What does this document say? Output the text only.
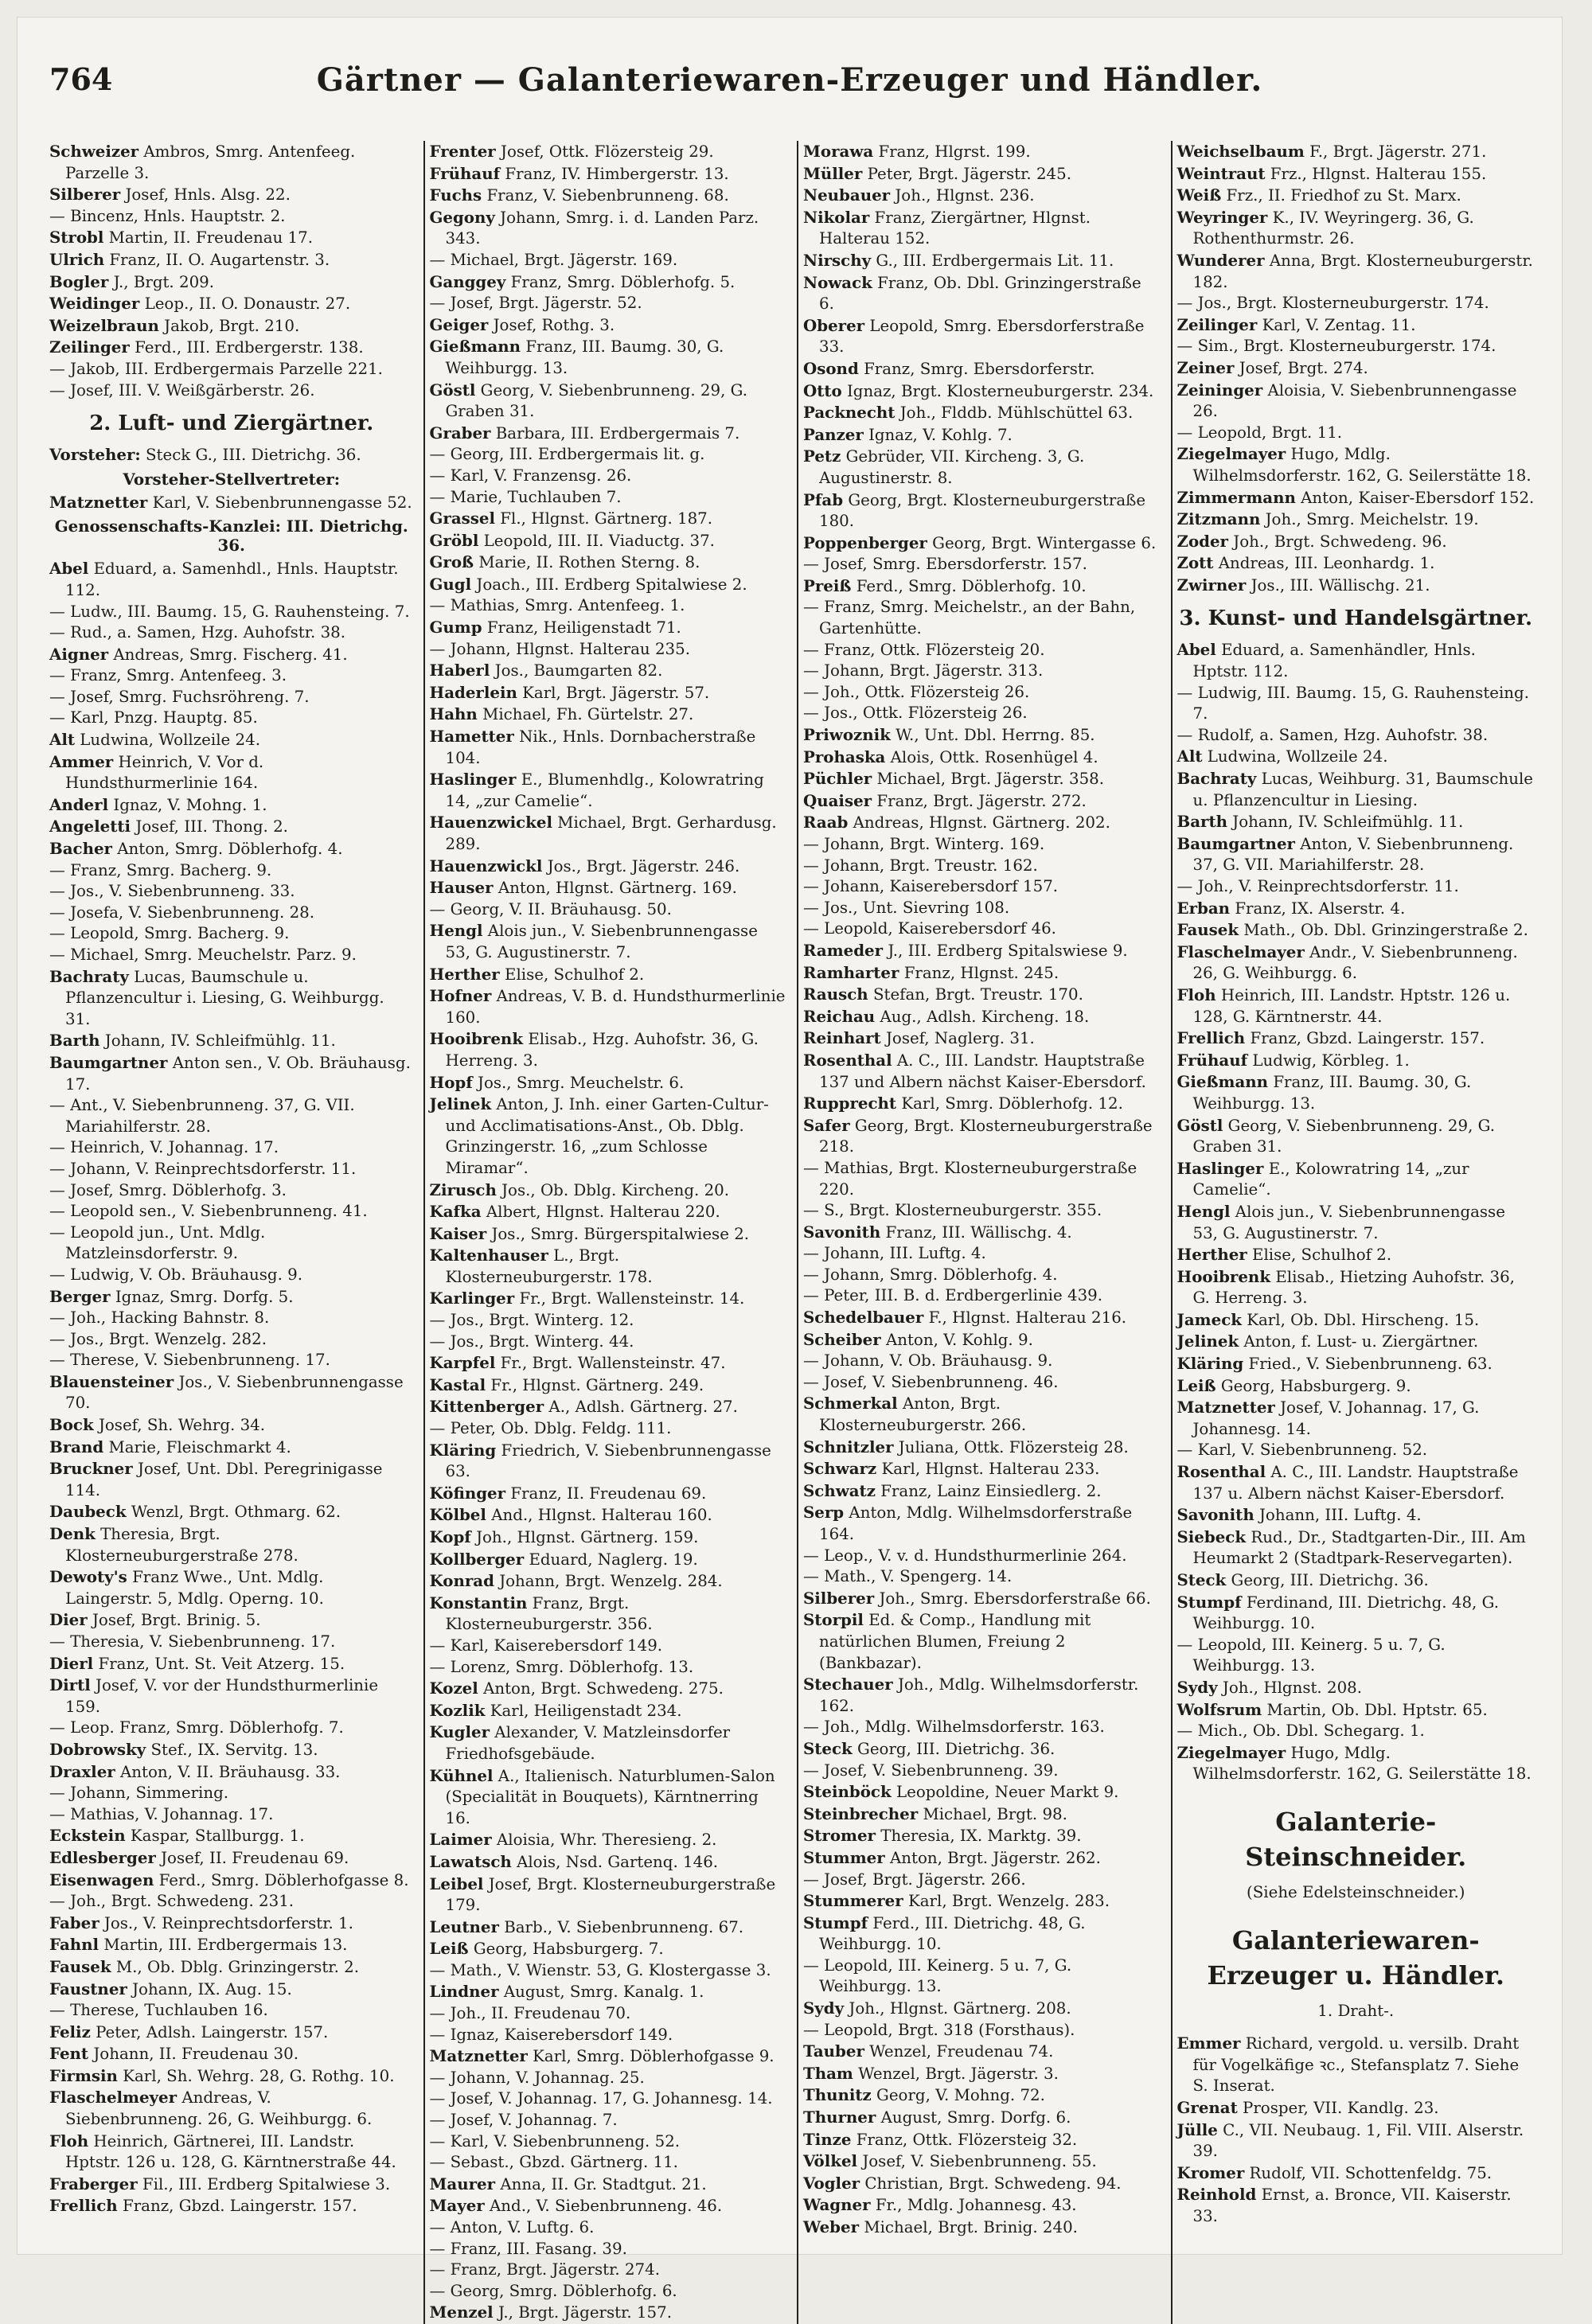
764	Gärtner — Galanteriewaren-Erzeuger und Händler.
Schweizer Ambros, Smrg. Antenfeeg. Parzelle 3.
Silberer Josef, Hnls. Alsg. 22.
— Bincenz, Hnls. Hauptstr. 2.
Strobl Martin, II. Freudenau 17.
Ulrich Franz, II. O. Augartenstr. 3.
Bogler J., Brgt. 209.
Weidinger Leop., II. O. Donaustr. 27.
Weizelbraun Jakob, Brgt. 210.
Zeilinger Ferd., III. Erdbergerstr. 138.
— Jakob, III. Erdbergermais Parzelle 221.
— Josef, III. V. Weißgärberstr. 26.
2. Luft- und Ziergärtner.
Vorsteher: Steck G., III. Dietrichg. 36.
Vorsteher-Stellvertreter:
Matznetter Karl, V. Siebenbrunnengasse 52.
Genossenschafts-Kanzlei: III. Dietrichg. 36.
Abel Eduard, a. Samenhdl., Hnls. Hauptstr. 112.
— Ludw., III. Baumg. 15, G. Rauhensteing. 7.
— Rud., a. Samen, Hzg. Auhofstr. 38.
Aigner Andreas, Smrg. Fischerg. 41.
— Franz, Smrg. Antenfeeg. 3.
— Josef, Smrg. Fuchsröhreng. 7.
— Karl, Pnzg. Hauptg. 85.
Alt Ludwina, Wollzeile 24.
Ammer Heinrich, V. Vor d. Hundsthurmerlinie 164.
Anderl Ignaz, V. Mohng. 1.
Angeletti Josef, III. Thong. 2.
Bacher Anton, Smrg. Döblerhofg. 4.
— Franz, Smrg. Bacherg. 9.
— Jos., V. Siebenbrunneng. 33.
— Josefa, V. Siebenbrunneng. 28.
— Leopold, Smrg. Bacherg. 9.
— Michael, Smrg. Meuchelstr. Parz. 9.
Bachraty Lucas, Baumschule u. Pflanzencultur i. Liesing, G. Weihburgg. 31.
Barth Johann, IV. Schleifmühlg. 11.
Baumgartner Anton sen., V. Ob. Bräuhausg. 17.
— Ant., V. Siebenbrunneng. 37, G. VII. Mariahilferstr. 28.
— Heinrich, V. Johannag. 17.
— Johann, V. Reinprechtsdorferstr. 11.
— Josef, Smrg. Döblerhofg. 3.
— Leopold sen., V. Siebenbrunneng. 41.
— Leopold jun., Unt. Mdlg. Matzleinsdorferstr. 9.
— Ludwig, V. Ob. Bräuhausg. 9.
Berger Ignaz, Smrg. Dorfg. 5.
— Joh., Hacking Bahnstr. 8.
— Jos., Brgt. Wenzelg. 282.
— Therese, V. Siebenbrunneng. 17.
Blauensteiner Jos., V. Siebenbrunnengasse 70.
Bock Josef, Sh. Wehrg. 34.
Brand Marie, Fleischmarkt 4.
Bruckner Josef, Unt. Dbl. Peregrinigasse 114.
Daubeck Wenzl, Brgt. Othmarg. 62.
Denk Theresia, Brgt. Klosterneuburgerstraße 278.
Dewoty's Franz Wwe., Unt. Mdlg. Laingerstr. 5, Mdlg. Operng. 10.
Dier Josef, Brgt. Brinig. 5.
— Theresia, V. Siebenbrunneng. 17.
Dierl Franz, Unt. St. Veit Atzerg. 15.
Dirtl Josef, V. vor der Hundsthurmerlinie 159.
— Leop. Franz, Smrg. Döblerhofg. 7.
Dobrowsky Stef., IX. Servitg. 13.
Draxler Anton, V. II. Bräuhausg. 33.
— Johann, Simmering.
— Mathias, V. Johannag. 17.
Eckstein Kaspar, Stallburgg. 1.
Edlesberger Josef, II. Freudenau 69.
Eisenwagen Ferd., Smrg. Döblerhofgasse 8.
— Joh., Brgt. Schwedeng. 231.
Faber Jos., V. Reinprechtsdorferstr. 1.
Fahnl Martin, III. Erdbergermais 13.
Fausek M., Ob. Dblg. Grinzingerstr. 2.
Faustner Johann, IX. Aug. 15.
— Therese, Tuchlauben 16.
Feliz Peter, Adlsh. Laingerstr. 157.
Fent Johann, II. Freudenau 30.
Firmsin Karl, Sh. Wehrg. 28, G. Rothg. 10.
Flaschelmeyer Andreas, V. Siebenbrunneng. 26, G. Weihburgg. 6.
Floh Heinrich, Gärtnerei, III. Landstr. Hptstr. 126 u. 128, G. Kärntnerstraße 44.
Fraberger Fil., III. Erdberg Spitalwiese 3.
Frellich Franz, Gbzd. Laingerstr. 157.
Frenter Josef, Ottk. Flözersteig 29.
Frühauf Franz, IV. Himbergerstr. 13.
Fuchs Franz, V. Siebenbrunneng. 68.
Gegony Johann, Smrg. i. d. Landen Parz. 343.
— Michael, Brgt. Jägerstr. 169.
Ganggey Franz, Smrg. Döblerhofg. 5.
— Josef, Brgt. Jägerstr. 52.
Geiger Josef, Rothg. 3.
Gießmann Franz, III. Baumg. 30, G. Weihburgg. 13.
Göstl Georg, V. Siebenbrunneng. 29, G. Graben 31.
Graber Barbara, III. Erdbergermais 7.
— Georg, III. Erdbergermais lit. g.
— Karl, V. Franzensg. 26.
— Marie, Tuchlauben 7.
Grassel Fl., Hlgnst. Gärtnerg. 187.
Gröbl Leopold, III. II. Viaductg. 37.
Groß Marie, II. Rothen Sterng. 8.
Gugl Joach., III. Erdberg Spitalwiese 2.
— Mathias, Smrg. Antenfeeg. 1.
Gump Franz, Heiligenstadt 71.
— Johann, Hlgnst. Halterau 235.
Haberl Jos., Baumgarten 82.
Haderlein Karl, Brgt. Jägerstr. 57.
Hahn Michael, Fh. Gürtelstr. 27.
Hametter Nik., Hnls. Dornbacherstraße 104.
Haslinger E., Blumenhdlg., Kolowratring 14, „zur Camelie“.
Hauenzwickel Michael, Brgt. Gerhardusg. 289.
Hauenzwickl Jos., Brgt. Jägerstr. 246.
Hauser Anton, Hlgnst. Gärtnerg. 169.
— Georg, V. II. Bräuhausg. 50.
Hengl Alois jun., V. Siebenbrunnengasse 53, G. Augustinerstr. 7.
Herther Elise, Schulhof 2.
Hofner Andreas, V. B. d. Hundsthurmerlinie 160.
Hooibrenk Elisab., Hzg. Auhofstr. 36, G. Herreng. 3.
Hopf Jos., Smrg. Meuchelstr. 6.
Jelinek Anton, J. Inh. einer Garten-Cultur- und Acclimatisations-Anst., Ob. Dblg. Grinzingerstr. 16, „zum Schlosse Miramar“.
Zirusch Jos., Ob. Dblg. Kircheng. 20.
Kafka Albert, Hlgnst. Halterau 220.
Kaiser Jos., Smrg. Bürgerspitalwiese 2.
Kaltenhauser L., Brgt. Klosterneuburgerstr. 178.
Karlinger Fr., Brgt. Wallensteinstr. 14.
— Jos., Brgt. Winterg. 12.
— Jos., Brgt. Winterg. 44.
Karpfel Fr., Brgt. Wallensteinstr. 47.
Kastal Fr., Hlgnst. Gärtnerg. 249.
Kittenberger A., Adlsh. Gärtnerg. 27.
— Peter, Ob. Dblg. Feldg. 111.
Kläring Friedrich, V. Siebenbrunnengasse 63.
Köfinger Franz, II. Freudenau 69.
Kölbel And., Hlgnst. Halterau 160.
Kopf Joh., Hlgnst. Gärtnerg. 159.
Kollberger Eduard, Naglerg. 19.
Konrad Johann, Brgt. Wenzelg. 284.
Konstantin Franz, Brgt. Klosterneuburgerstr. 356.
— Karl, Kaiserebersdorf 149.
— Lorenz, Smrg. Döblerhofg. 13.
Kozel Anton, Brgt. Schwedeng. 275.
Kozlik Karl, Heiligenstadt 234.
Kugler Alexander, V. Matzleinsdorfer Friedhofsgebäude.
Kühnel A., Italienisch. Naturblumen-Salon (Specialität in Bouquets), Kärntnerring 16.
Laimer Aloisia, Whr. Theresieng. 2.
Lawatsch Alois, Nsd. Gartenq. 146.
Leibel Josef, Brgt. Klosterneuburgerstraße 179.
Leutner Barb., V. Siebenbrunneng. 67.
Leiß Georg, Habsburgerg. 7.
— Math., V. Wienstr. 53, G. Klostergasse 3.
Lindner August, Smrg. Kanalg. 1.
— Joh., II. Freudenau 70.
— Ignaz, Kaiserebersdorf 149.
Matznetter Karl, Smrg. Döblerhofgasse 9.
— Johann, V. Johannag. 25.
— Josef, V. Johannag. 17, G. Johannesg. 14.
— Josef, V. Johannag. 7.
— Karl, V. Siebenbrunneng. 52.
— Sebast., Gbzd. Gärtnerg. 11.
Maurer Anna, II. Gr. Stadtgut. 21.
Mayer And., V. Siebenbrunneng. 46.
— Anton, V. Luftg. 6.
— Franz, III. Fasang. 39.
— Franz, Brgt. Jägerstr. 274.
— Georg, Smrg. Döblerhofg. 6.
Menzel J., Brgt. Jägerstr. 157.
Morawa Franz, Hlgrst. 199.
Müller Peter, Brgt. Jägerstr. 245.
Neubauer Joh., Hlgnst. 236.
Nikolar Franz, Ziergärtner, Hlgnst. Halterau 152.
Nirschy G., III. Erdbergermais Lit. 11.
Nowack Franz, Ob. Dbl. Grinzingerstraße 6.
Oberer Leopold, Smrg. Ebersdorferstraße 33.
Osond Franz, Smrg. Ebersdorferstr.
Otto Ignaz, Brgt. Klosterneuburgerstr. 234.
Packnecht Joh., Flddb. Mühlschüttel 63.
Panzer Ignaz, V. Kohlg. 7.
Petz Gebrüder, VII. Kircheng. 3, G. Augustinerstr. 8.
Pfab Georg, Brgt. Klosterneuburgerstraße 180.
Poppenberger Georg, Brgt. Wintergasse 6.
— Josef, Smrg. Ebersdorferstr. 157.
Preiß Ferd., Smrg. Döblerhofg. 10.
— Franz, Smrg. Meichelstr., an der Bahn, Gartenhütte.
— Franz, Ottk. Flözersteig 20.
— Johann, Brgt. Jägerstr. 313.
— Joh., Ottk. Flözersteig 26.
— Jos., Ottk. Flözersteig 26.
Priwoznik W., Unt. Dbl. Herrng. 85.
Prohaska Alois, Ottk. Rosenhügel 4.
Püchler Michael, Brgt. Jägerstr. 358.
Quaiser Franz, Brgt. Jägerstr. 272.
Raab Andreas, Hlgnst. Gärtnerg. 202.
— Johann, Brgt. Winterg. 169.
— Johann, Brgt. Treustr. 162.
— Johann, Kaiserebersdorf 157.
— Jos., Unt. Sievring 108.
— Leopold, Kaiserebersdorf 46.
Rameder J., III. Erdberg Spitalswiese 9.
Ramharter Franz, Hlgnst. 245.
Rausch Stefan, Brgt. Treustr. 170.
Reichau Aug., Adlsh. Kircheng. 18.
Reinhart Josef, Naglerg. 31.
Rosenthal A. C., III. Landstr. Hauptstraße 137 und Albern nächst Kaiser-Ebersdorf.
Rupprecht Karl, Smrg. Döblerhofg. 12.
Safer Georg, Brgt. Klosterneuburgerstraße 218.
— Mathias, Brgt. Klosterneuburgerstraße 220.
— S., Brgt. Klosterneuburgerstr. 355.
Savonith Franz, III. Wällischg. 4.
— Johann, III. Luftg. 4.
— Johann, Smrg. Döblerhofg. 4.
— Peter, III. B. d. Erdbergerlinie 439.
Schedelbauer F., Hlgnst. Halterau 216.
Scheiber Anton, V. Kohlg. 9.
— Johann, V. Ob. Bräuhausg. 9.
— Josef, V. Siebenbrunneng. 46.
Schmerkal Anton, Brgt. Klosterneuburgerstr. 266.
Schnitzler Juliana, Ottk. Flözersteig 28.
Schwarz Karl, Hlgnst. Halterau 233.
Schwatz Franz, Lainz Einsiedlerg. 2.
Serp Anton, Mdlg. Wilhelmsdorferstraße 164.
— Leop., V. v. d. Hundsthurmerlinie 264.
— Math., V. Spengerg. 14.
Silberer Joh., Smrg. Ebersdorferstraße 66.
Storpil Ed. & Comp., Handlung mit natürlichen Blumen, Freiung 2 (Bankbazar).
Stechauer Joh., Mdlg. Wilhelmsdorferstr. 162.
— Joh., Mdlg. Wilhelmsdorferstr. 163.
Steck Georg, III. Dietrichg. 36.
— Josef, V. Siebenbrunneng. 39.
Steinböck Leopoldine, Neuer Markt 9.
Steinbrecher Michael, Brgt. 98.
Stromer Theresia, IX. Marktg. 39.
Stummer Anton, Brgt. Jägerstr. 262.
— Josef, Brgt. Jägerstr. 266.
Stummerer Karl, Brgt. Wenzelg. 283.
Stumpf Ferd., III. Dietrichg. 48, G. Weihburgg. 10.
— Leopold, III. Keinerg. 5 u. 7, G. Weihburgg. 13.
Sydy Joh., Hlgnst. Gärtnerg. 208.
— Leopold, Brgt. 318 (Forsthaus).
Tauber Wenzel, Freudenau 74.
Tham Wenzel, Brgt. Jägerstr. 3.
Thunitz Georg, V. Mohng. 72.
Thurner August, Smrg. Dorfg. 6.
Tinze Franz, Ottk. Flözersteig 32.
Völkel Josef, V. Siebenbrunneng. 55.
Vogler Christian, Brgt. Schwedeng. 94.
Wagner Fr., Mdlg. Johannesg. 43.
Weber Michael, Brgt. Brinig. 240.
Weichselbaum F., Brgt. Jägerstr. 271.
Weintraut Frz., Hlgnst. Halterau 155.
Weiß Frz., II. Friedhof zu St. Marx.
Weyringer K., IV. Weyringerg. 36, G. Rothenthurmstr. 26.
Wunderer Anna, Brgt. Klosterneuburgerstr. 182.
— Jos., Brgt. Klosterneuburgerstr. 174.
Zeilinger Karl, V. Zentag. 11.
— Sim., Brgt. Klosterneuburgerstr. 174.
Zeiner Josef, Brgt. 274.
Zeininger Aloisia, V. Siebenbrunnengasse 26.
— Leopold, Brgt. 11.
Ziegelmayer Hugo, Mdlg. Wilhelmsdorferstr. 162, G. Seilerstätte 18.
Zimmermann Anton, Kaiser-Ebersdorf 152.
Zitzmann Joh., Smrg. Meichelstr. 19.
Zoder Joh., Brgt. Schwedeng. 96.
Zott Andreas, III. Leonhardg. 1.
Zwirner Jos., III. Wällischg. 21.
3. Kunst- und Handelsgärtner.
Abel Eduard, a. Samenhändler, Hnls. Hptstr. 112.
— Ludwig, III. Baumg. 15, G. Rauhensteing. 7.
— Rudolf, a. Samen, Hzg. Auhofstr. 38.
Alt Ludwina, Wollzeile 24.
Bachraty Lucas, Weihburg. 31, Baumschule u. Pflanzencultur in Liesing.
Barth Johann, IV. Schleifmühlg. 11.
Baumgartner Anton, V. Siebenbrunneng. 37, G. VII. Mariahilferstr. 28.
— Joh., V. Reinprechtsdorferstr. 11.
Erban Franz, IX. Alserstr. 4.
Fausek Math., Ob. Dbl. Grinzingerstraße 2.
Flaschelmayer Andr., V. Siebenbrunneng. 26, G. Weihburgg. 6.
Floh Heinrich, III. Landstr. Hptstr. 126 u. 128, G. Kärntnerstr. 44.
Frellich Franz, Gbzd. Laingerstr. 157.
Frühauf Ludwig, Körbleg. 1.
Gießmann Franz, III. Baumg. 30, G. Weihburgg. 13.
Göstl Georg, V. Siebenbrunneng. 29, G. Graben 31.
Haslinger E., Kolowratring 14, „zur Camelie“.
Hengl Alois jun., V. Siebenbrunnengasse 53, G. Augustinerstr. 7.
Herther Elise, Schulhof 2.
Hooibrenk Elisab., Hietzing Auhofstr. 36, G. Herreng. 3.
Jameck Karl, Ob. Dbl. Hirscheng. 15.
Jelinek Anton, f. Lust- u. Ziergärtner.
Kläring Fried., V. Siebenbrunneng. 63.
Leiß Georg, Habsburgerg. 9.
Matznetter Josef, V. Johannag. 17, G. Johannesg. 14.
— Karl, V. Siebenbrunneng. 52.
Rosenthal A. C., III. Landstr. Hauptstraße 137 u. Albern nächst Kaiser-Ebersdorf.
Savonith Johann, III. Luftg. 4.
Siebeck Rud., Dr., Stadtgarten-Dir., III. Am Heumarkt 2 (Stadtpark-Reservegarten).
Steck Georg, III. Dietrichg. 36.
Stumpf Ferdinand, III. Dietrichg. 48, G. Weihburgg. 10.
— Leopold, III. Keinerg. 5 u. 7, G. Weihburgg. 13.
Sydy Joh., Hlgnst. 208.
Wolfsrum Martin, Ob. Dbl. Hptstr. 65.
— Mich., Ob. Dbl. Schegarg. 1.
Ziegelmayer Hugo, Mdlg. Wilhelmsdorferstr. 162, G. Seilerstätte 18.
Galanterie-Steinschneider.
(Siehe Edelsteinschneider.)
Galanteriewaren-Erzeuger u. Händler.
1. Draht-.
Emmer Richard, vergold. u. versilb. Draht für Vogelkäfige ꝛc., Stefansplatz 7. Siehe S. Inserat.
Grenat Prosper, VII. Kandlg. 23.
Jülle C., VII. Neubaug. 1, Fil. VIII. Alserstr. 39.
Kromer Rudolf, VII. Schottenfeldg. 75.
Reinhold Ernst, a. Bronce, VII. Kaiserstr. 33.
